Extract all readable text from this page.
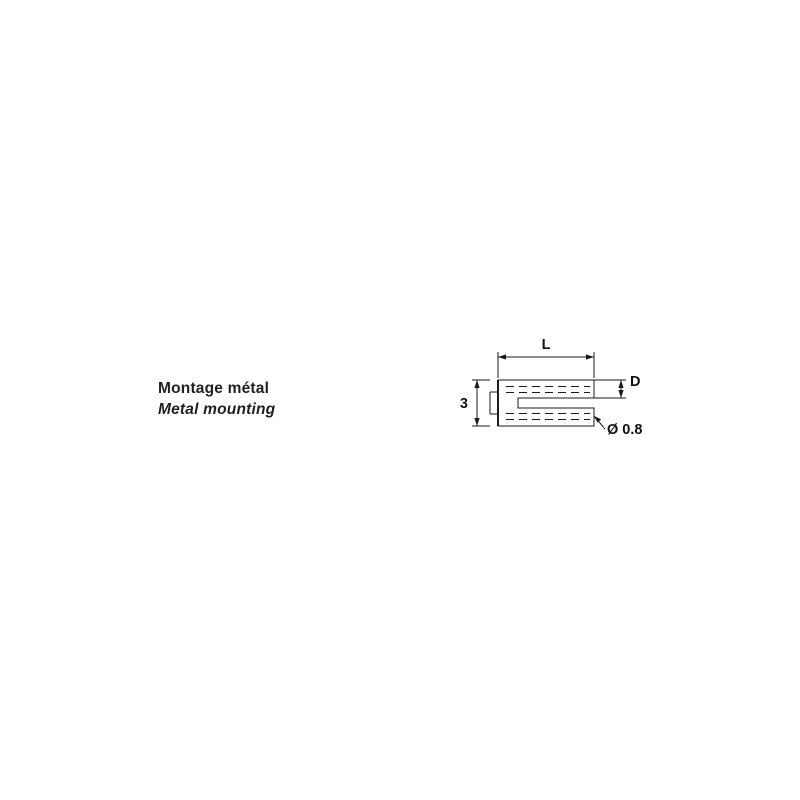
Montage métal
Metal mounting
L
D
3
Ø 0.8
